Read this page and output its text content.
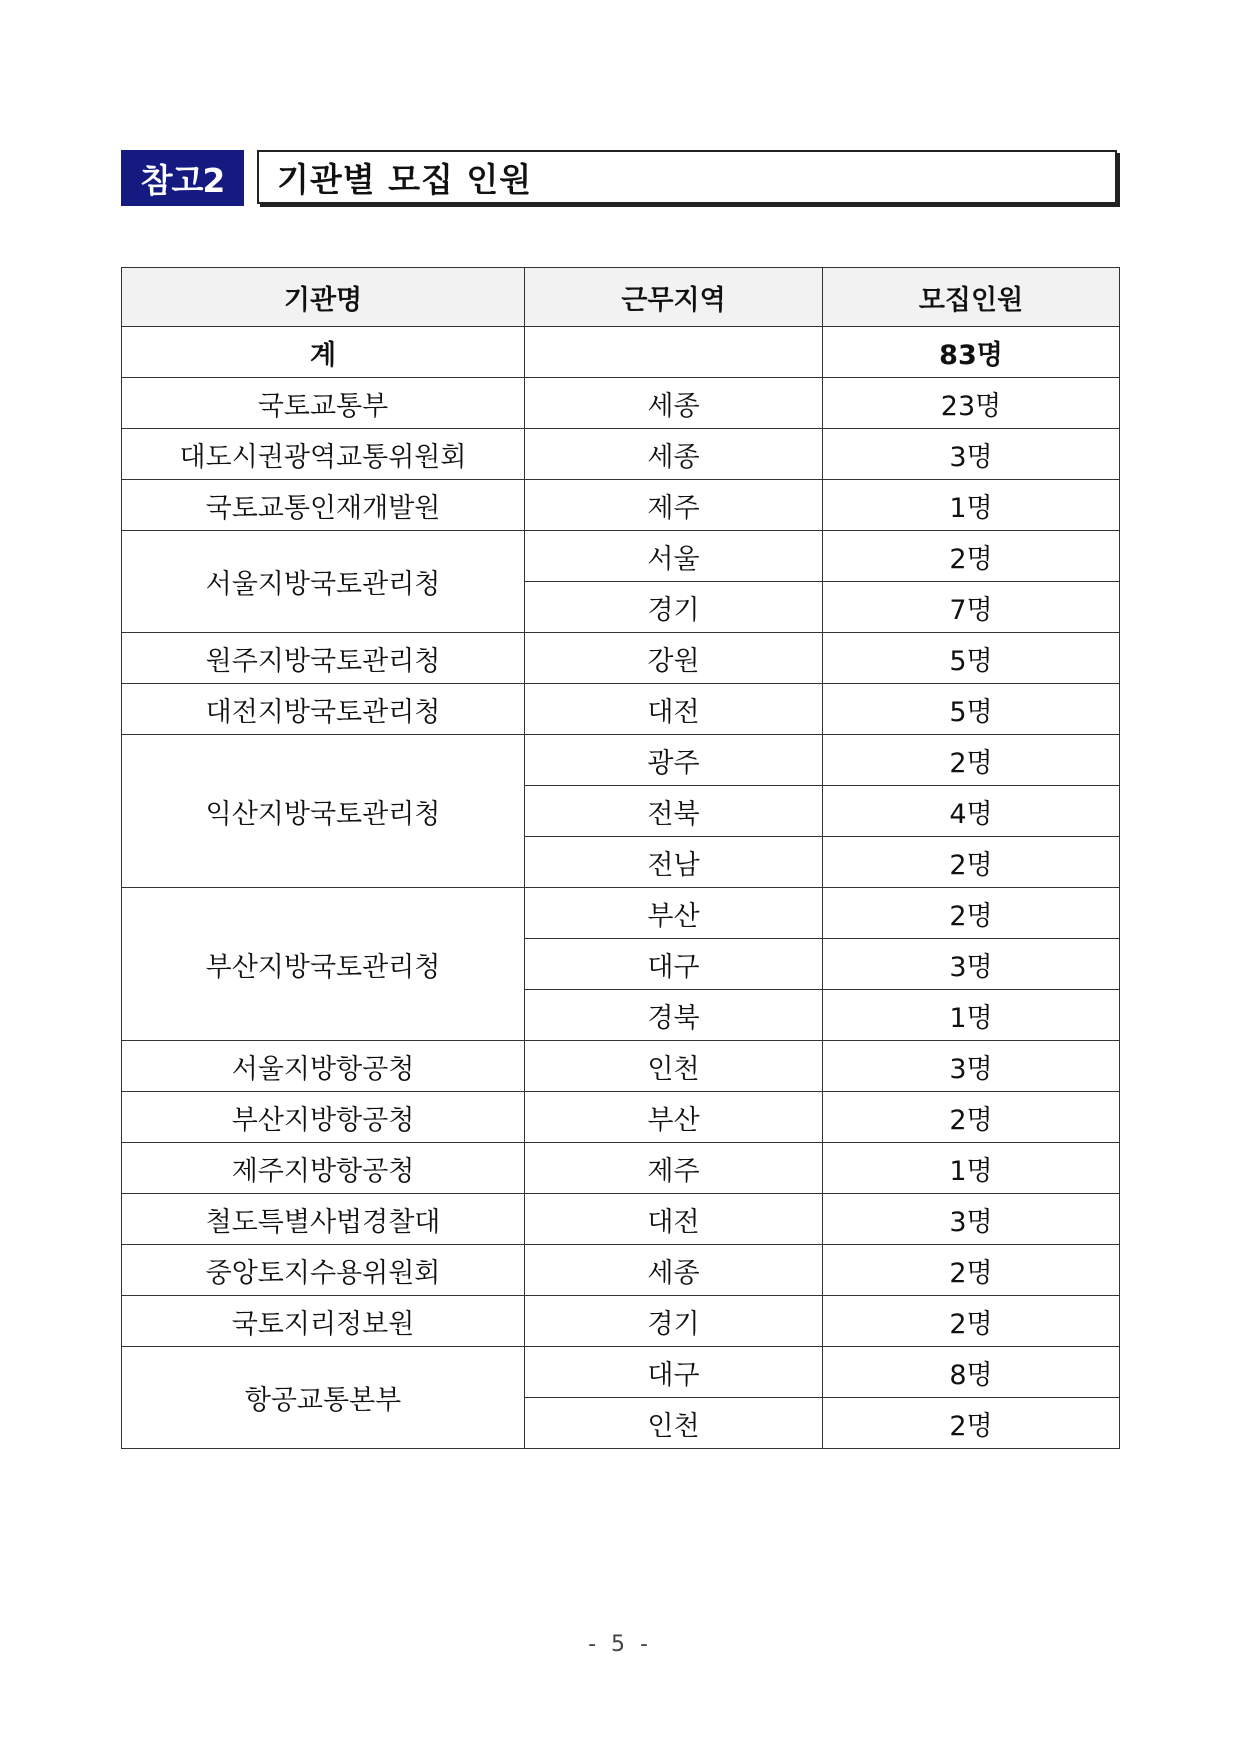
참고2	기관별 모집 인원
기관명	근무지역	모집인원
계		83명
국토교통부	세종	23명
대도시권광역교통위원회	세종	3명
국토교통인재개발원	제주	1명
서울지방국토관리청	서울	2명
	경기	7명
원주지방국토관리청	강원	5명
대전지방국토관리청	대전	5명
익산지방국토관리청	광주	2명
	전북	4명
	전남	2명
부산지방국토관리청	부산	2명
	대구	3명
	경북	1명
서울지방항공청	인천	3명
부산지방항공청	부산	2명
제주지방항공청	제주	1명
철도특별사법경찰대	대전	3명
중앙토지수용위원회	세종	2명
국토지리정보원	경기	2명
항공교통본부	대구	8명
	인천	2명
- 5 -
